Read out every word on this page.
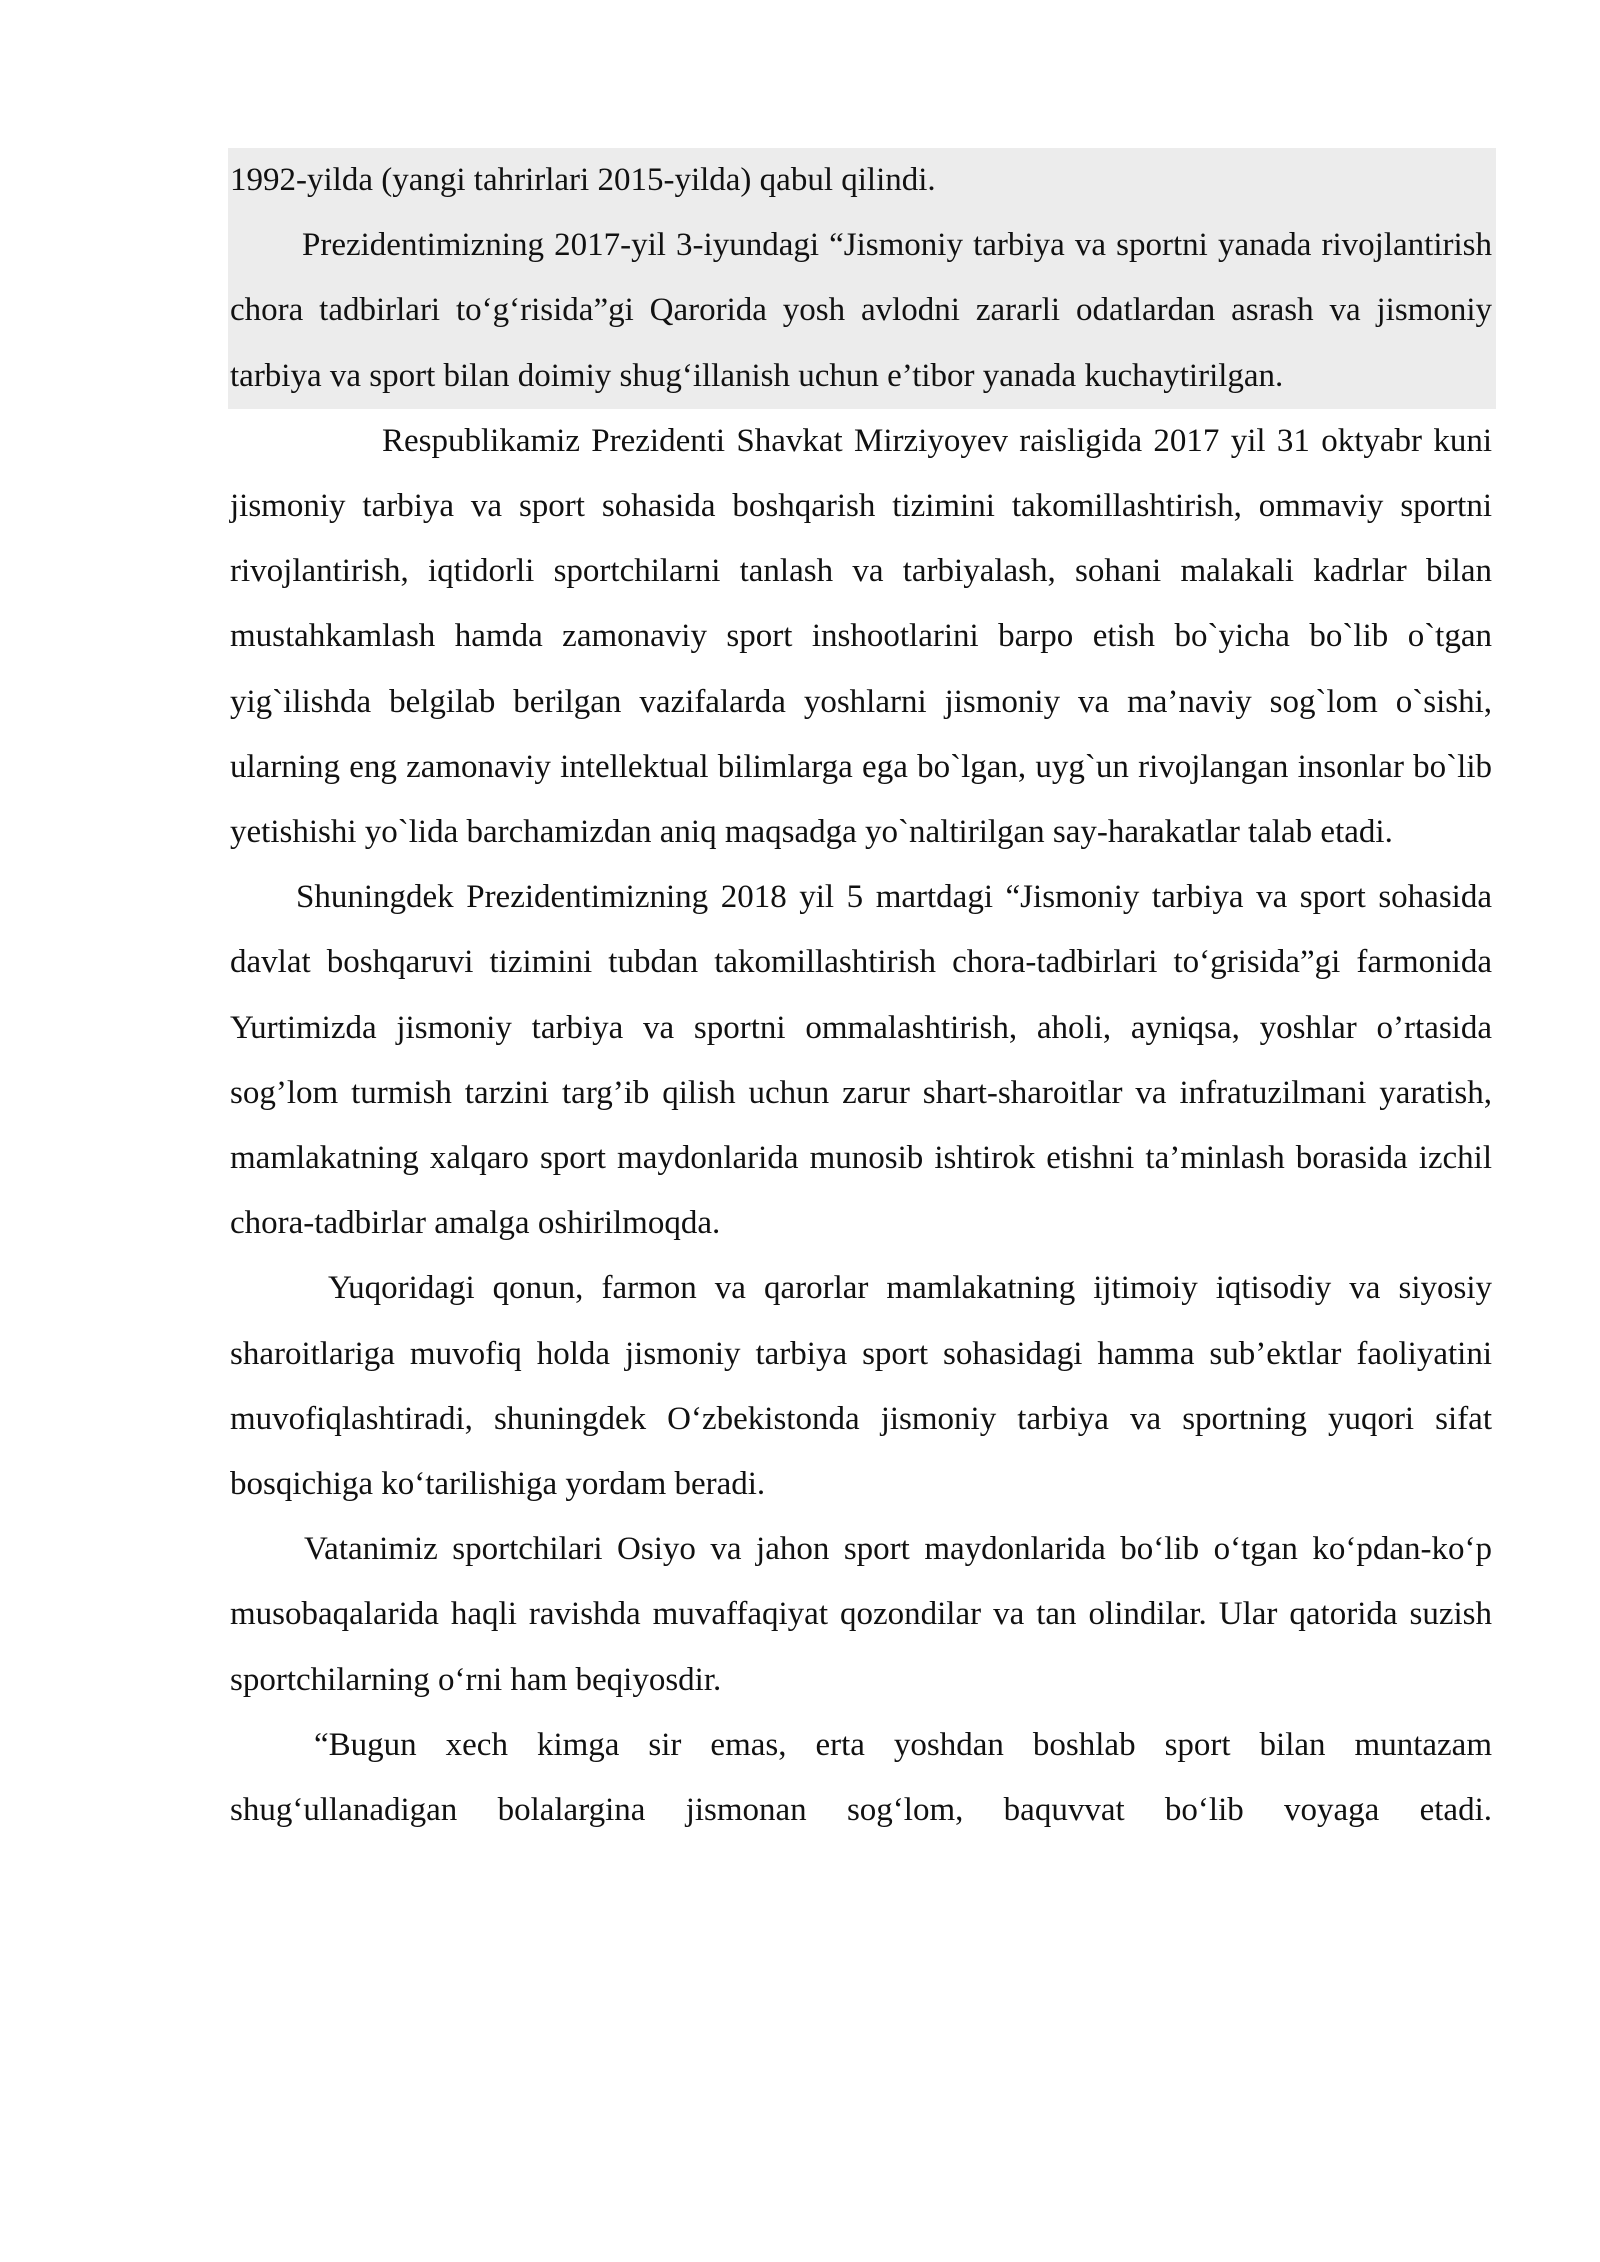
1992-yilda (yangi tahrirlari 2015-yilda) qabul qilindi.

Prezidentimizning 2017-yil 3-iyundagi “Jismoniy tarbiya va sportni yanada rivojlantirish chora tadbirlari to‘g‘risida”gi Qarorida yosh avlodni zararli odatlardan asrash va jismoniy tarbiya va sport bilan doimiy shug‘illanish uchun e’tibor yanada kuchaytirilgan.

Respublikamiz Prezidenti Shavkat Mirziyoyev raisligida 2017 yil 31 oktyabr kuni jismoniy tarbiya va sport sohasida boshqarish tizimini takomillashtirish, ommaviy sportni rivojlantirish, iqtidorli sportchilarni tanlash va tarbiyalash, sohani malakali kadrlar bilan mustahkamlash hamda zamonaviy sport inshootlarini barpo etish bo`yicha bo`lib o`tgan yig`ilishda belgilab berilgan vazifalarda yoshlarni jismoniy va ma’naviy sog`lom o`sishi, ularning eng zamonaviy intellektual bilimlarga ega bo`lgan, uyg`un rivojlangan insonlar bo`lib yetishishi yo`lida barchamizdan aniq maqsadga yo`naltirilgan say-harakatlar talab etadi.

Shuningdek Prezidentimizning 2018 yil 5 martdagi “Jismoniy tarbiya va sport sohasida davlat boshqaruvi tizimini tubdan takomillashtirish chora-tadbirlari to‘grisida”gi farmonida Yurtimizda jismoniy tarbiya va sportni ommalashtirish, aholi, ayniqsa, yoshlar o’rtasida sog’lom turmish tarzini targ’ib qilish uchun zarur shart-sharoitlar va infratuzilmani yaratish, mamlakatning xalqaro sport maydonlarida munosib ishtirok etishni ta’minlash borasida izchil chora-tadbirlar amalga oshirilmoqda.

Yuqoridagi qonun, farmon va qarorlar mamlakatning ijtimoiy iqtisodiy va siyosiy sharoitlariga muvofiq holda jismoniy tarbiya sport sohasidagi hamma sub’ektlar faoliyatini muvofiqlashtiradi, shuningdek O‘zbekistonda jismoniy tarbiya va sportning yuqori sifat bosqichiga ko‘tarilishiga yordam beradi.

Vatanimiz sportchilari Osiyo va jahon sport maydonlarida bo‘lib o‘tgan ko‘pdan-ko‘p musobaqalarida haqli ravishda muvaffaqiyat qozondilar va tan olindilar. Ular qatorida suzish sportchilarning o‘rni ham beqiyosdir.

“Bugun xech kimga sir emas, erta yoshdan boshlab sport bilan muntazam shug‘ullanadigan bolalargina jismonan sog‘lom, baquvvat bo‘lib voyaga etadi.
